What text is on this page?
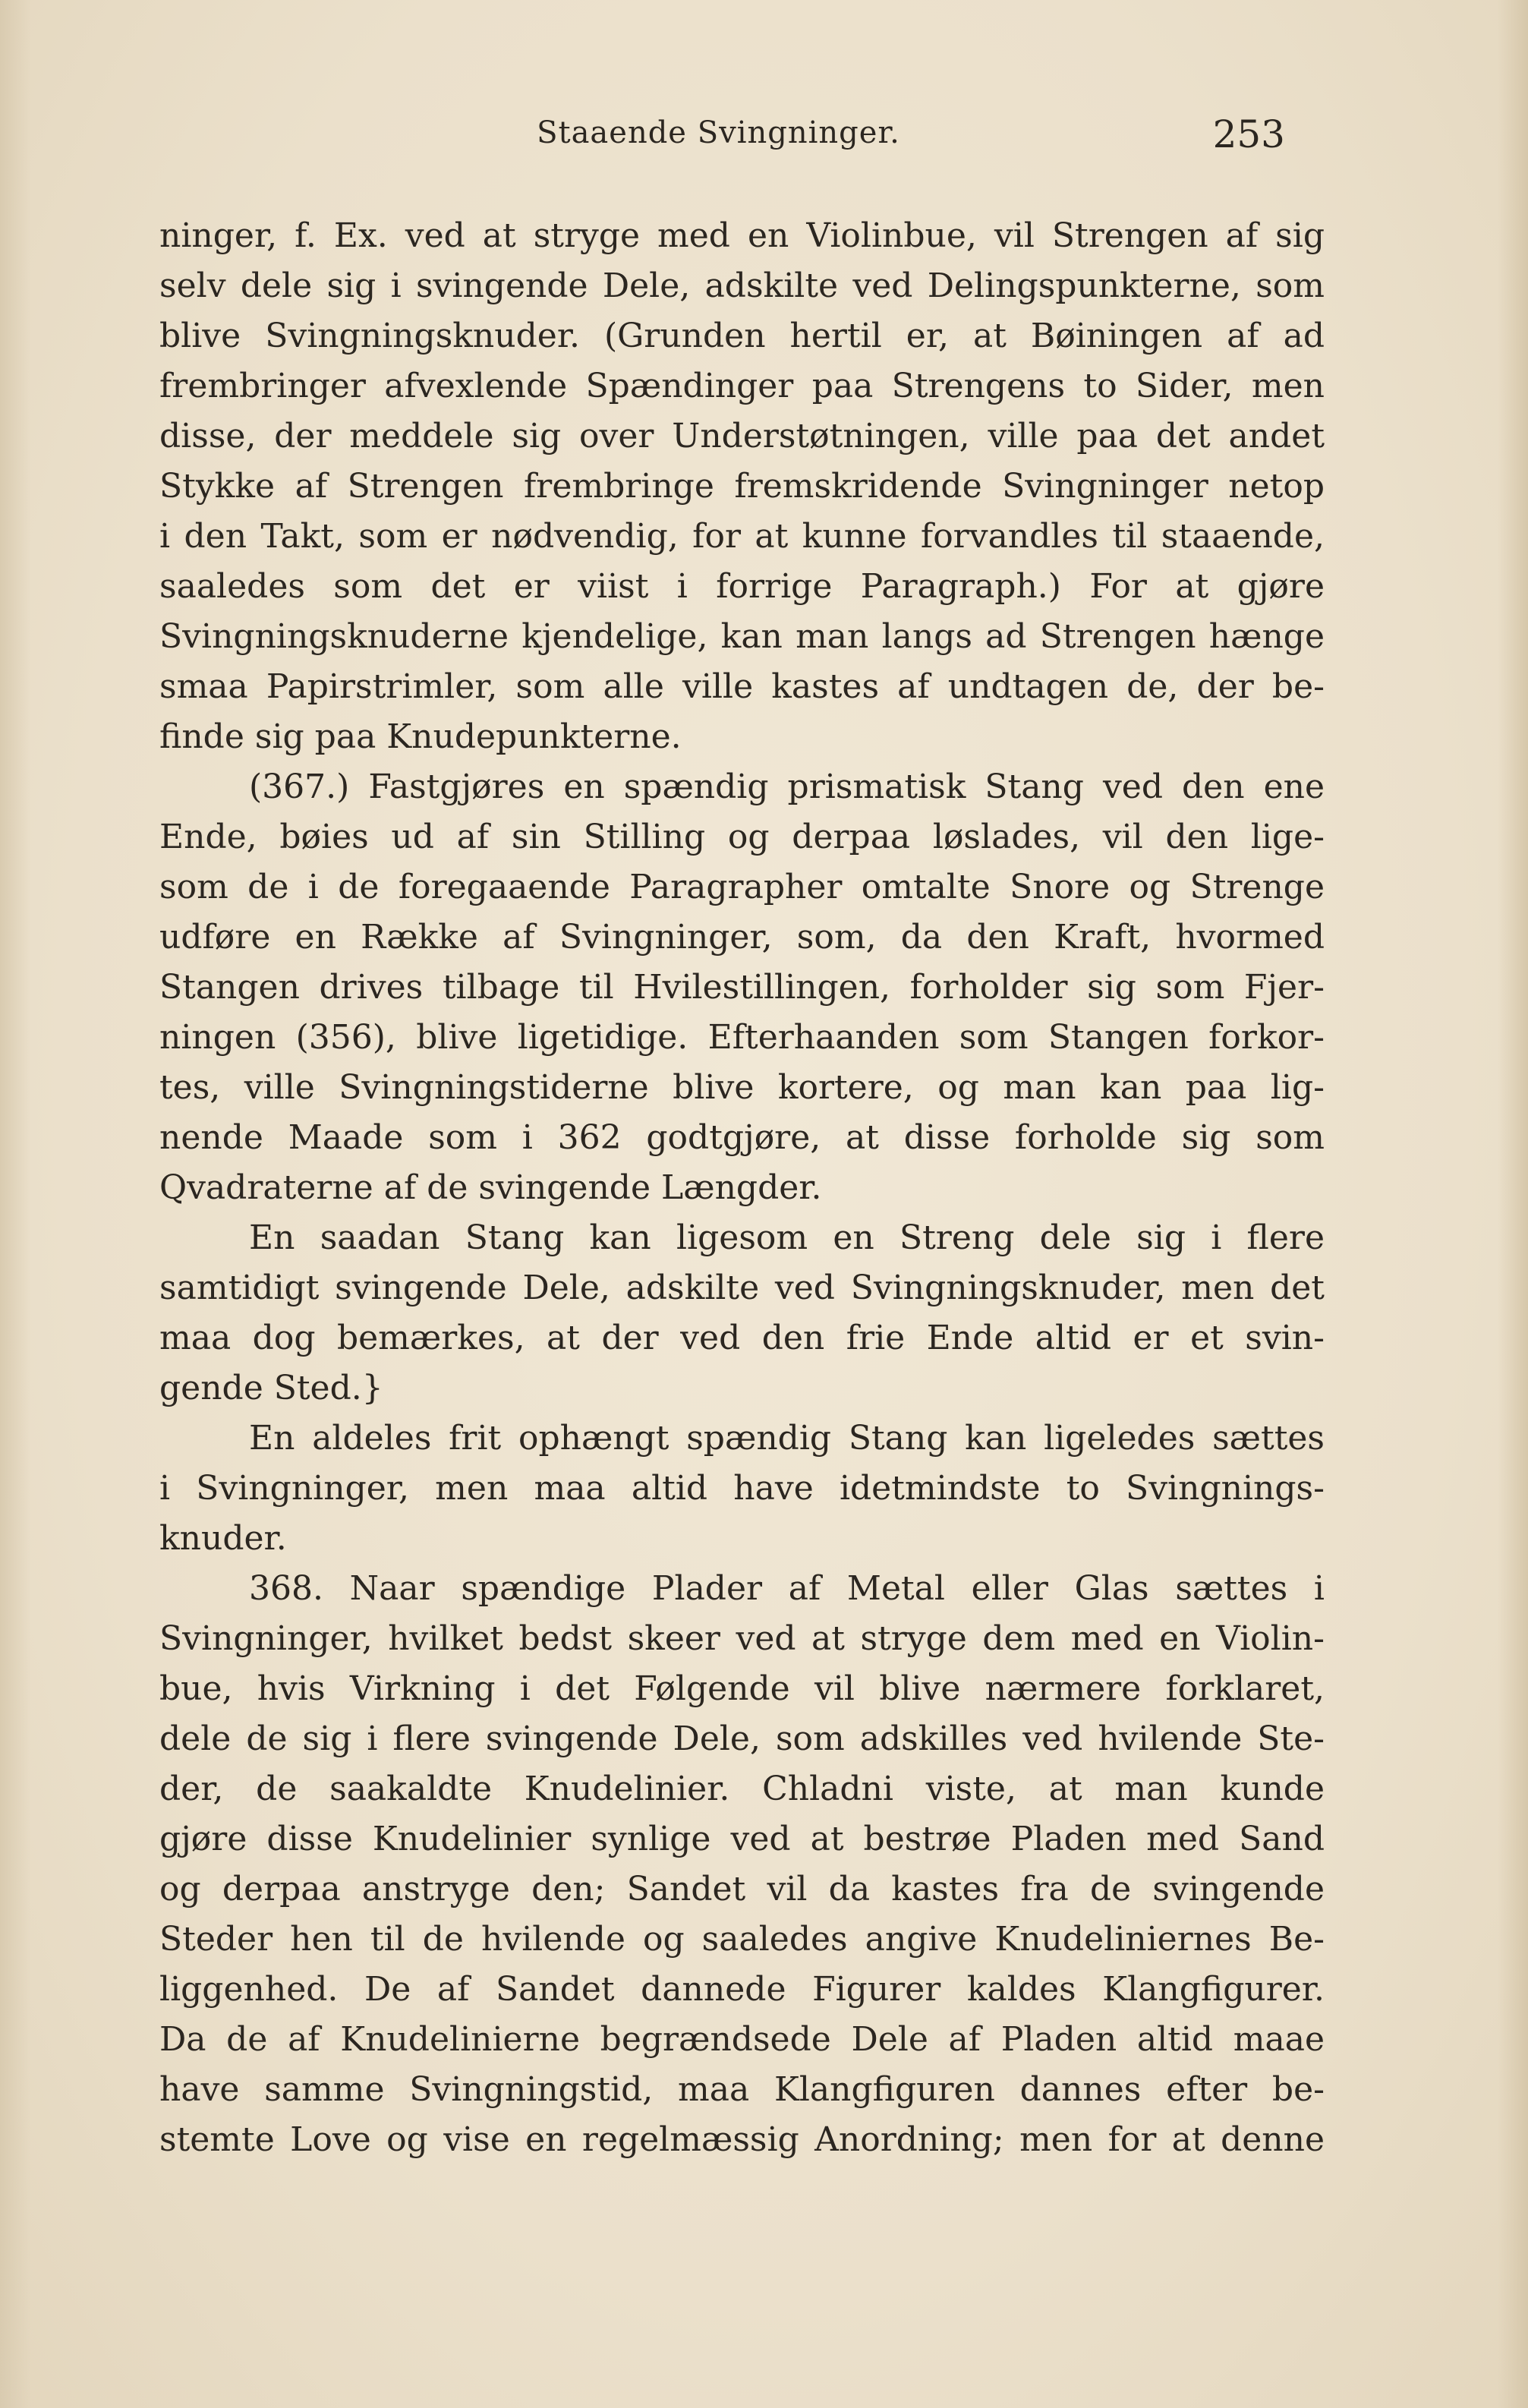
Staaende Svingninger.	253
ninger, f. Ex. ved at stryge med en Violinbue, vil Strengen af sig
selv dele sig i svingende Dele, adskilte ved Delingspunkterne, som
blive Svingningsknuder. (Grunden hertil er, at Bøiningen af ad
frembringer afvexlende Spændinger paa Strengens to Sider, men
disse, der meddele sig over Understøtningen, ville paa det andet
Stykke af Strengen frembringe fremskridende Svingninger netop
i den Takt, som er nødvendig, for at kunne forvandles til staaende,
saaledes som det er viist i forrige Paragraph.) For at gjøre
Svingningsknuderne kjendelige, kan man langs ad Strengen hænge
smaa Papirstrimler, som alle ville kastes af undtagen de, der be-
finde sig paa Knudepunkterne.
(367.) Fastgjøres en spændig prismatisk Stang ved den ene
Ende, bøies ud af sin Stilling og derpaa løslades, vil den lige-
som de i de foregaaende Paragrapher omtalte Snore og Strenge
udføre en Række af Svingninger, som, da den Kraft, hvormed
Stangen drives tilbage til Hvilestillingen, forholder sig som Fjer-
ningen (356), blive ligetidige. Efterhaanden som Stangen forkor-
tes, ville Svingningstiderne blive kortere, og man kan paa lig-
nende Maade som i 362 godtgjøre, at disse forholde sig som
Qvadraterne af de svingende Længder.
En saadan Stang kan ligesom en Streng dele sig i flere
samtidigt svingende Dele, adskilte ved Svingningsknuder, men det
maa dog bemærkes, at der ved den frie Ende altid er et svin-
gende Sted.}
En aldeles frit ophængt spændig Stang kan ligeledes sættes
i Svingninger, men maa altid have idetmindste to Svingnings-
knuder.
368. Naar spændige Plader af Metal eller Glas sættes i
Svingninger, hvilket bedst skeer ved at stryge dem med en Violin-
bue, hvis Virkning i det Følgende vil blive nærmere forklaret,
dele de sig i flere svingende Dele, som adskilles ved hvilende Ste-
der, de saakaldte Knudelinier. Chladni viste, at man kunde
gjøre disse Knudelinier synlige ved at bestrøe Pladen med Sand
og derpaa anstryge den; Sandet vil da kastes fra de svingende
Steder hen til de hvilende og saaledes angive Knudeliniernes Be-
liggenhed. De af Sandet dannede Figurer kaldes Klangfigurer.
Da de af Knudelinierne begrændsede Dele af Pladen altid maae
have samme Svingningstid, maa Klangfiguren dannes efter be-
stemte Love og vise en regelmæssig Anordning; men for at denne
